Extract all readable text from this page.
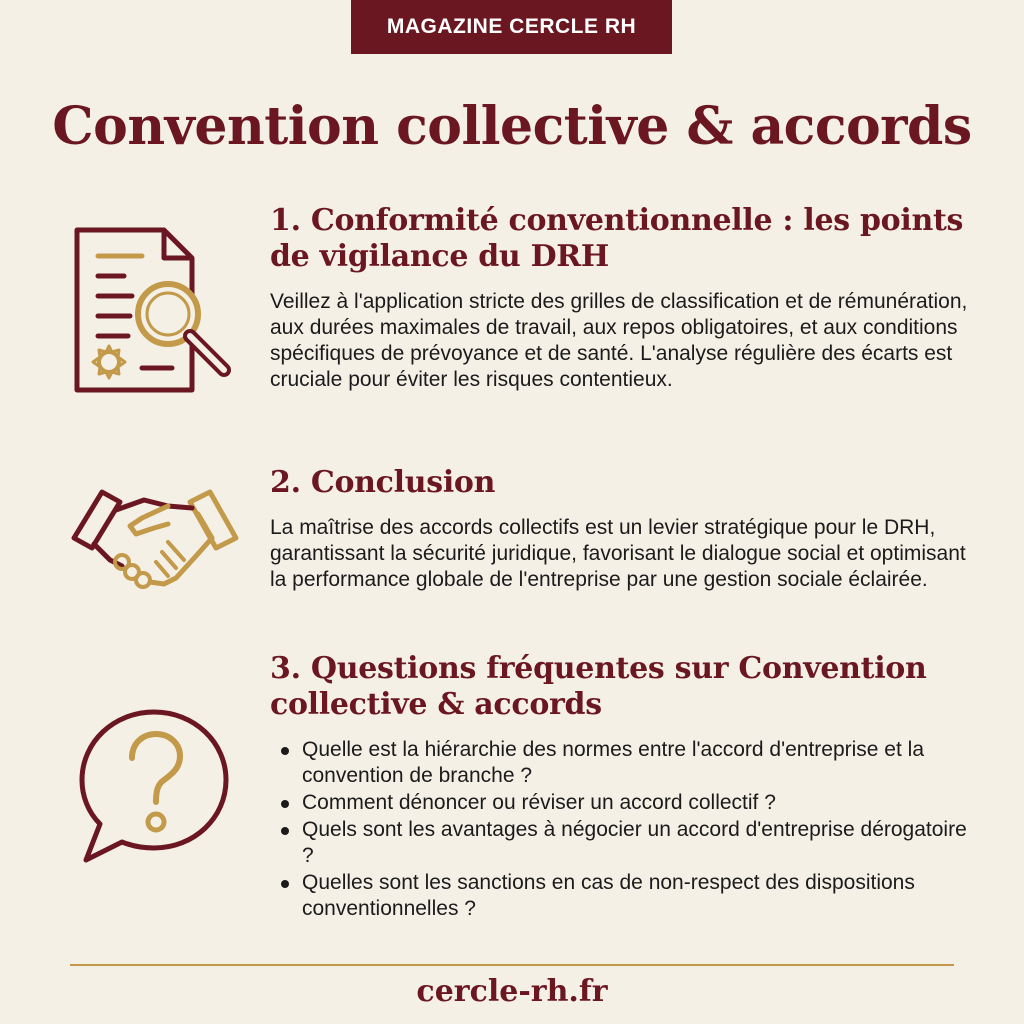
MAGAZINE CERCLE RH
Convention collective & accords
1. Conformité conventionnelle : les points de vigilance du DRH

Veillez à l'application stricte des grilles de classification et de rémunération, aux durées maximales de travail, aux repos obligatoires, et aux conditions spécifiques de prévoyance et de santé. L'analyse régulière des écarts est cruciale pour éviter les risques contentieux.

2. Conclusion

La maîtrise des accords collectifs est un levier stratégique pour le DRH, garantissant la sécurité juridique, favorisant le dialogue social et optimisant la performance globale de l'entreprise par une gestion sociale éclairée.

3. Questions fréquentes sur Convention collective & accords
Quelle est la hiérarchie des normes entre l'accord d'entreprise et la convention de branche ?
Comment dénoncer ou réviser un accord collectif ?
Quels sont les avantages à négocier un accord d'entreprise dérogatoire ?
Quelles sont les sanctions en cas de non-respect des dispositions conventionnelles ?
cercle-rh.fr
